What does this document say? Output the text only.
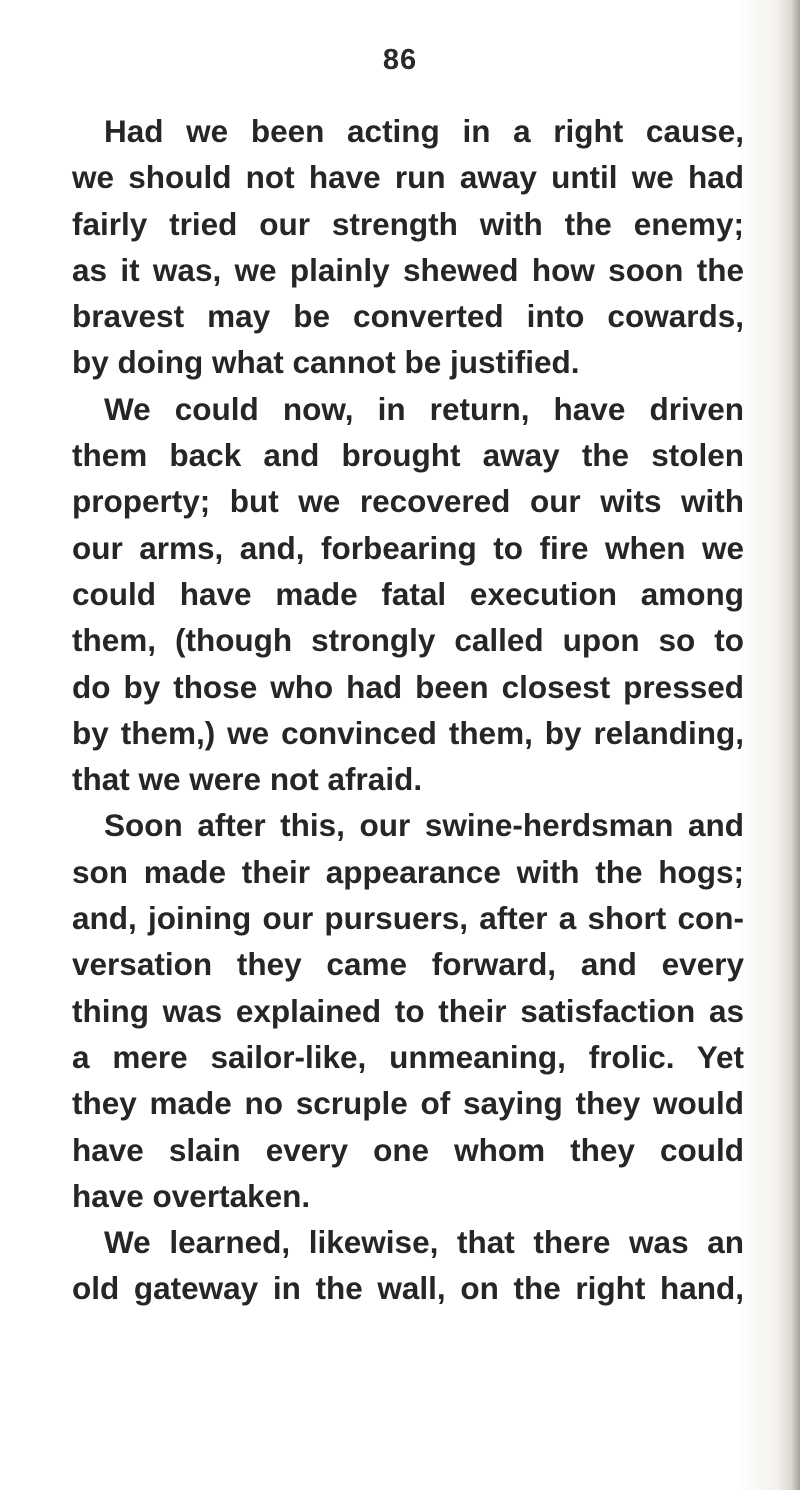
86
Had we been acting in a right cause,
we should not have run away until we had
fairly tried our strength with the enemy;
as it was, we plainly shewed how soon the
bravest may be converted into cowards,
by doing what cannot be justified.
We could now, in return, have driven
them back and brought away the stolen
property; but we recovered our wits with
our arms, and, forbearing to fire when we
could have made fatal execution among
them, (though strongly called upon so to
do by those who had been closest pressed
by them,) we convinced them, by relanding,
that we were not afraid.
Soon after this, our swine-herdsman and
son made their appearance with the hogs;
and, joining our pursuers, after a short con-
versation they came forward, and every
thing was explained to their satisfaction as
a mere sailor-like, unmeaning, frolic. Yet
they made no scruple of saying they would
have slain every one whom they could
have overtaken.
We learned, likewise, that there was an
old gateway in the wall, on the right hand,
